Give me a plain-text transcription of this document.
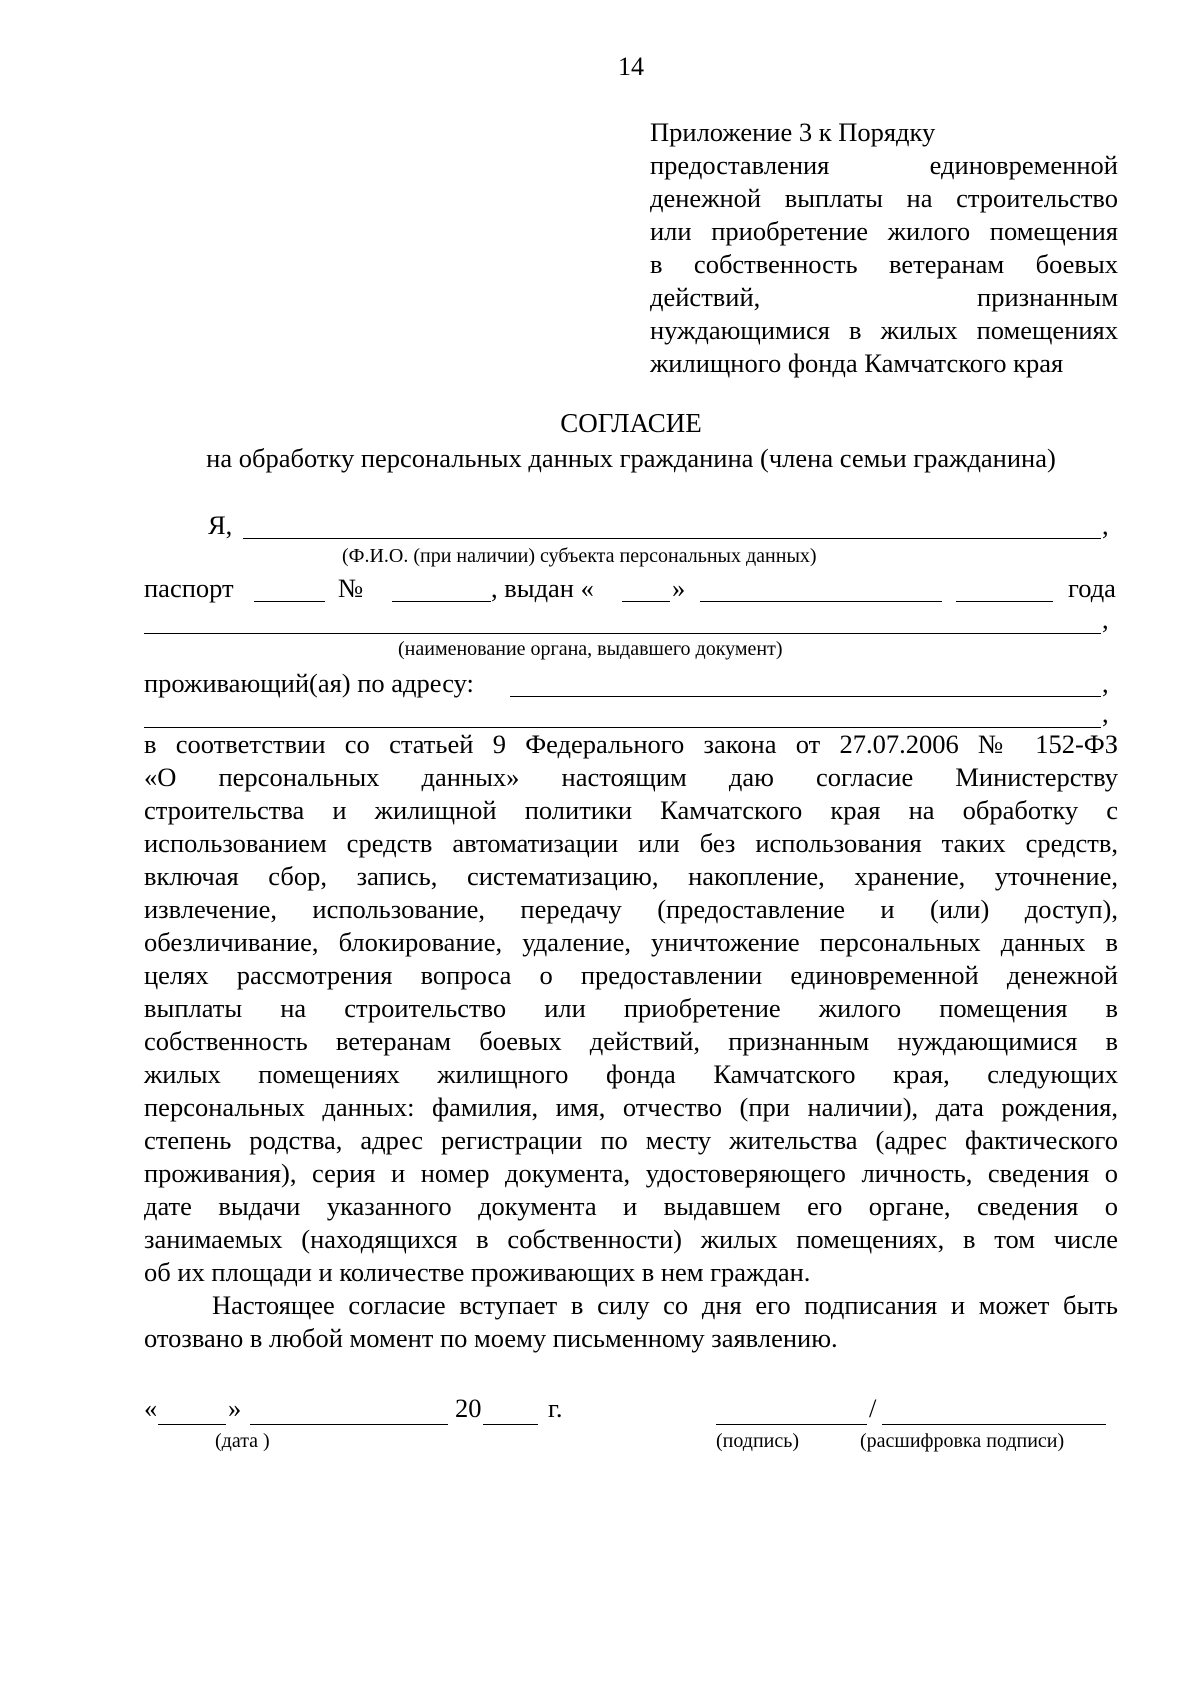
14
Приложение 3 к Порядку
предоставления единовременной
денежной выплаты на строительство
или приобретение жилого помещения
в собственность ветеранам боевых
действий, признанным
нуждающимися в жилых помещениях
жилищного фонда Камчатского края
СОГЛАСИЕ
на обработку персональных данных гражданина (члена семьи гражданина)
Я,	,
(Ф.И.О. (при наличии) субъекта персональных данных)
паспорт	№	, выдан «	»	года
,
(наименование органа, выдавшего документ)
проживающий(ая) по адресу:	,
,
в соответствии со статьей 9 Федерального закона от 27.07.2006 № 152-ФЗ
«О персональных данных» настоящим даю согласие Министерству
строительства и жилищной политики Камчатского края на обработку с
использованием средств автоматизации или без использования таких средств,
включая сбор, запись, систематизацию, накопление, хранение, уточнение,
извлечение, использование, передачу (предоставление и (или) доступ),
обезличивание, блокирование, удаление, уничтожение персональных данных в
целях рассмотрения вопроса о предоставлении единовременной денежной
выплаты на строительство или приобретение жилого помещения в
собственность ветеранам боевых действий, признанным нуждающимися в
жилых помещениях жилищного фонда Камчатского края, следующих
персональных данных: фамилия, имя, отчество (при наличии), дата рождения,
степень родства, адрес регистрации по месту жительства (адрес фактического
проживания), серия и номер документа, удостоверяющего личность, сведения о
дате выдачи указанного документа и выдавшем его органе, сведения о
занимаемых (находящихся в собственности) жилых помещениях, в том числе
об их площади и количестве проживающих в нем граждан.
Настоящее согласие вступает в силу со дня его подписания и может быть
отозвано в любой момент по моему письменному заявлению.
«	»	20	г.	/
(дата )	(подпись)	(расшифровка подписи)
